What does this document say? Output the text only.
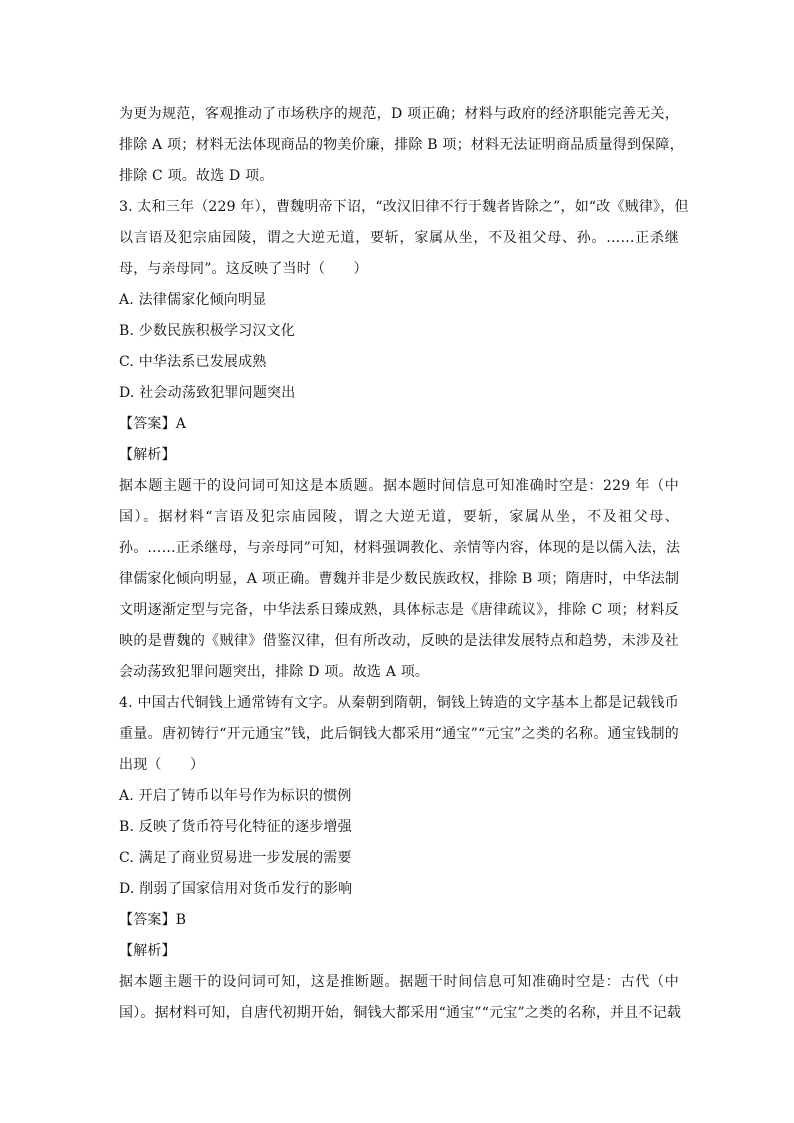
为更为规范，客观推动了市场秩序的规范，D 项正确；材料与政府的经济职能完善无关，
排除 A 项；材料无法体现商品的物美价廉，排除 B 项；材料无法证明商品质量得到保障，
排除 C 项。故选 D 项。
3. 太和三年（229 年），曹魏明帝下诏，“改汉旧律不行于魏者皆除之”，如“改《贼律》，但
以言语及犯宗庙园陵，谓之大逆无道，要斩，家属从坐，不及祖父母、孙。……正杀继
母，与亲母同”。这反映了当时（　　）
A. 法律儒家化倾向明显
B. 少数民族积极学习汉文化
C. 中华法系已发展成熟
D. 社会动荡致犯罪问题突出
【答案】A
【解析】
据本题主题干的设问词可知这是本质题。据本题时间信息可知准确时空是：229 年（中
国）。据材料“言语及犯宗庙园陵，谓之大逆无道，要斩，家属从坐，不及祖父母、
孙。……正杀继母，与亲母同”可知，材料强调教化、亲情等内容，体现的是以儒入法，法
律儒家化倾向明显，A 项正确。曹魏并非是少数民族政权，排除 B 项；隋唐时，中华法制
文明逐渐定型与完备，中华法系日臻成熟，具体标志是《唐律疏议》，排除 C 项；材料反
映的是曹魏的《贼律》借鉴汉律，但有所改动，反映的是法律发展特点和趋势，未涉及社
会动荡致犯罪问题突出，排除 D 项。故选 A 项。
4. 中国古代铜钱上通常铸有文字。从秦朝到隋朝，铜钱上铸造的文字基本上都是记载钱币
重量。唐初铸行“开元通宝”钱，此后铜钱大都采用“通宝”“元宝”之类的名称。通宝钱制的
出现（　　）
A. 开启了铸币以年号作为标识的惯例
B. 反映了货币符号化特征的逐步增强
C. 满足了商业贸易进一步发展的需要
D. 削弱了国家信用对货币发行的影响
【答案】B
【解析】
据本题主题干的设问词可知，这是推断题。据题干时间信息可知准确时空是：古代（中
国）。据材料可知，自唐代初期开始，铜钱大都采用“通宝”“元宝”之类的名称，并且不记载
